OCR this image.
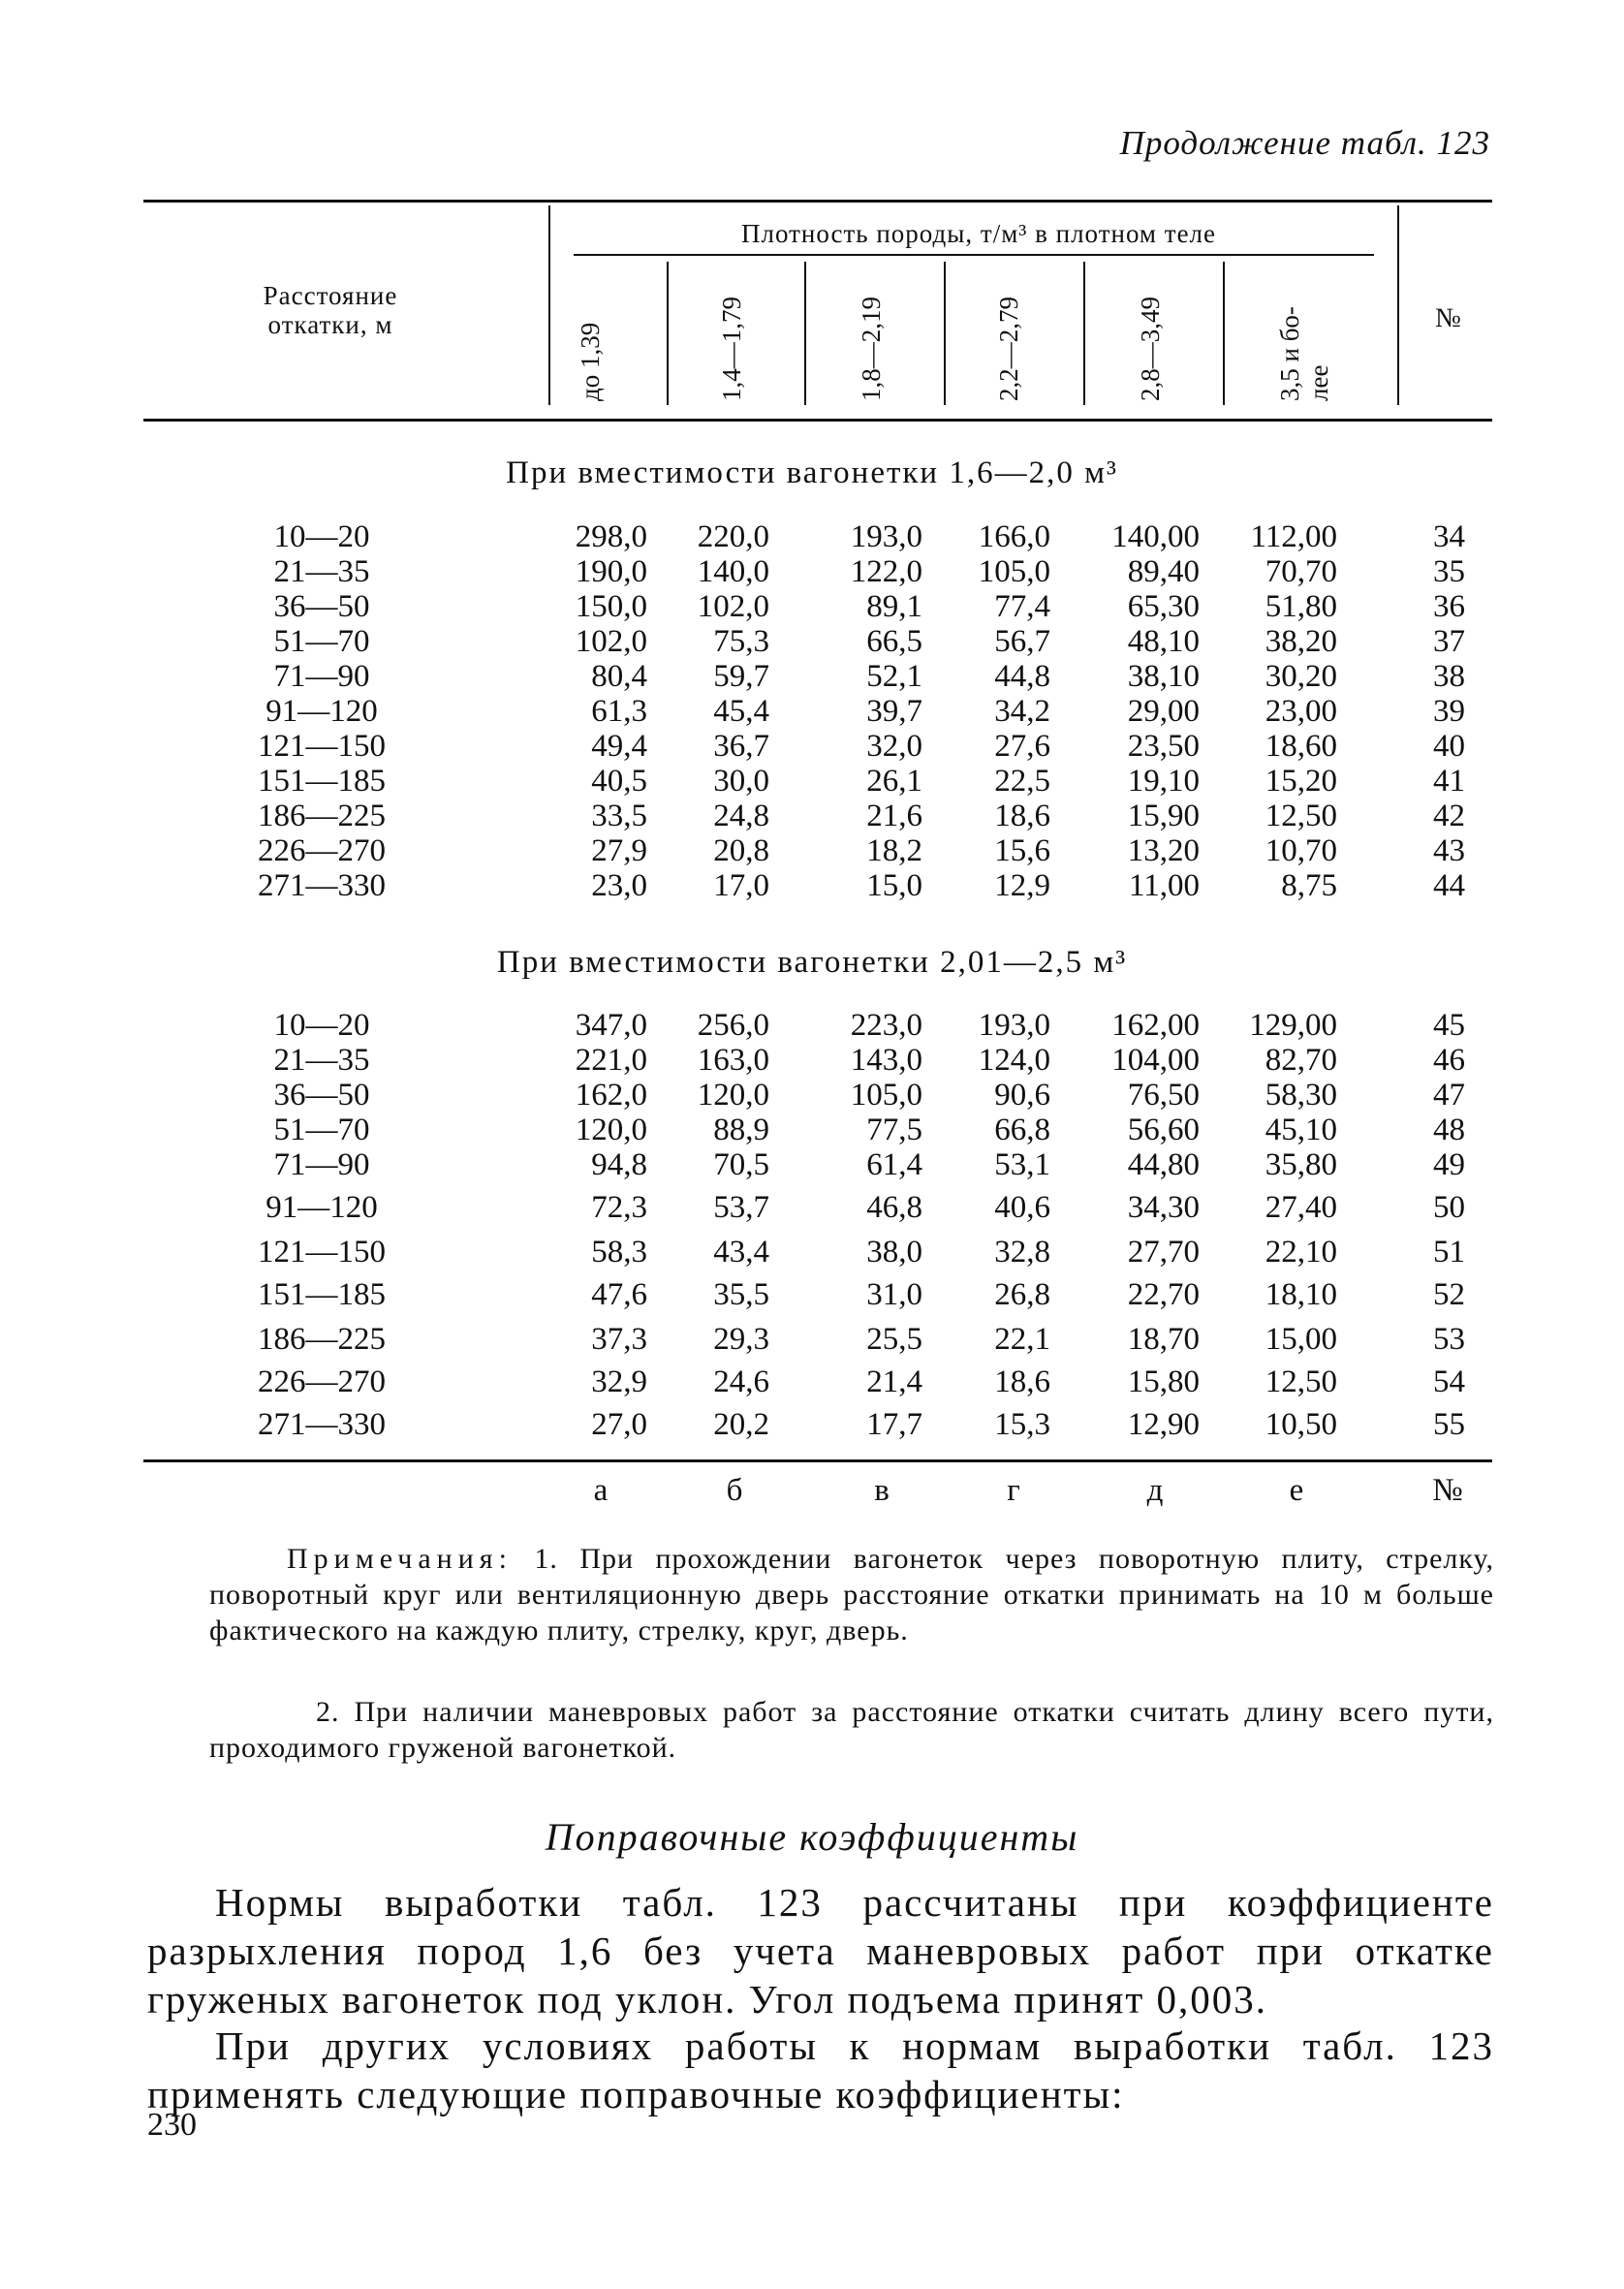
Продолжение табл. 123
Расстояние откатки, м
Плотность породы, т/м³ в плотном теле
№
до 1,39	1,4—1,79	1,8—2,19	2,2—2,79	2,8—3,49	3,5 и бо-лее
При вместимости вагонетки 1,6—2,0 м³
При вместимости вагонетки 2,01—2,5 м³
10—20	298,0 220,0	193,0 166,0 140,00 112,00	34
21—35	190,0 140,0	122,0 105,0 89,40 70,70	35
36—50	150,0 102,0	89,1 77,4 65,30 51,80	36
51—70	102,0 75,3	66,5 56,7 48,10 38,20	37
71—90	80,4 59,7	52,1 44,8 38,10 30,20	38
91—120	61,3 45,4	39,7 34,2 29,00 23,00	39
121—150	49,4 36,7	32,0 27,6 23,50 18,60	40
151—185	40,5 30,0	26,1 22,5 19,10 15,20	41
186—225	33,5 24,8	21,6 18,6 15,90 12,50	42
226—270	27,9 20,8	18,2 15,6 13,20 10,70	43
271—330	23,0 17,0	15,0 12,9 11,00	8,75	44
10—20	347,0 256,0	223,0 193,0 162,00 129,00	45
21—35	221,0 163,0	143,0 124,0 104,00 82,70	46
36—50	162,0 120,0	105,0 90,6 76,50 58,30	47
51—70	120,0 88,9	77,5 66,8 56,60 45,10	48
71—90	94,8 70,5	61,4 53,1 44,80 35,80	49
91—120	72,3 53,7	46,8 40,6 34,30 27,40	50
121—150	58,3 43,4	38,0 32,8 27,70 22,10	51
151—185	47,6 35,5	31,0 26,8 22,70 18,10	52
186—225	37,3 29,3	25,5 22,1 18,70 15,00	53
226—270	32,9 24,6	21,4 18,6 15,80 12,50	54
271—330	27,0 20,2	17,7 15,3 12,90 10,50	55
а	б	в	г	д	е	№
Примечания: 1. При прохождении вагонеток через поворотную плиту, стрелку, поворотный круг или вентиляционную дверь расстояние откатки принимать на 10 м больше фактического на каждую плиту, стрелку, круг, дверь.
2. При наличии маневровых работ за расстояние откатки считать длину всего пути, проходимого груженой вагонеткой.
Поправочные коэффициенты
Нормы выработки табл. 123 рассчитаны при коэффициенте разрыхления пород 1,6 без учета маневровых работ при откатке груженых вагонеток под уклон. Угол подъема принят 0,003.
При других условиях работы к нормам выработки табл. 123 применять следующие поправочные коэффициенты:
230
